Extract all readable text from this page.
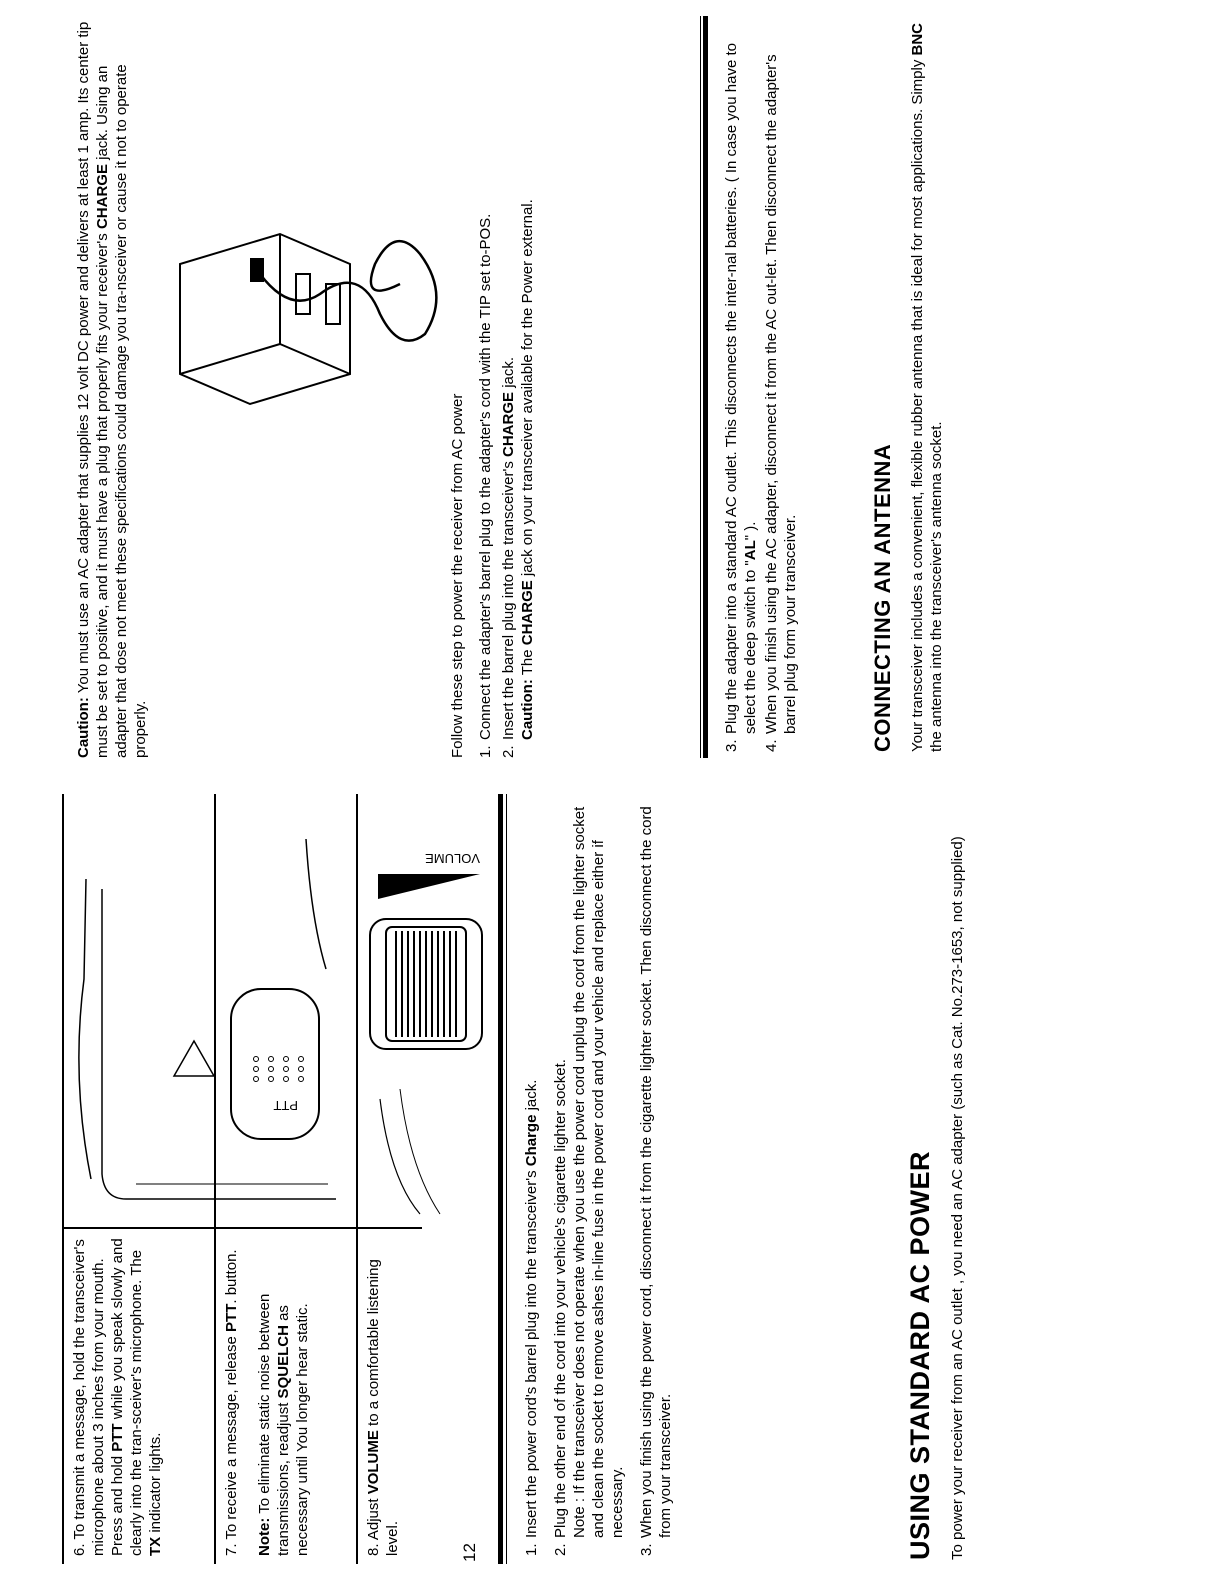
6. To transmit a message, hold the transceiver's microphone about 3 inches from your mouth. Press and hold PTT while you speak slowly and clearly into the tran-sceiver's microphone. The TX indicator lights.
7. To receive a message, release PTT. button.
Note: To eliminate static noise between transmissions, readjust SQUELCH as necessary until You longer hear static.
PTT
8. Adjust VOLUME to a comfortable listening level.
VOLUME
12	1.
Insert the power cord's barrel plug into the transceiver's Charge jack.
2.
Plug the other end of the cord into your vehicle's cigarette lighter socket. Note : If the transceiver does not operate when you use the power cord unplug the cord from the lighter socket and clean the socket to remove ashes in-line fuse in the power cord and your vehicle and replace either if necessary.
3.
When you finish using the power cord, disconnect it from the cigarette lighter socket. Then disconnect the cord from your transceiver.	USING STANDARD AC POWER To power your receiver from an AC outlet , you need an AC adapter (such as Cat. No.273-1653, not supplied)
Caution: You must use an AC adapter that supplies 12 volt DC power and delivers at least 1 amp. Its center tip must be set to positive, and it must have a plug that properly fits your receiver's CHARGE jack. Using an adapter that dose not meet these specifications could damage you tra-nsceiver or cause it not to operate properly.	Follow these step to power the receiver from AC power 1.
Connect the adapter's barrel plug to the adapter's cord with the TIP set to-POS.
2.
Insert the barrel plug into the transceiver's CHARGE jack.
Caution: The CHARGE jack on your transceiver available for the Power external.
3.
Plug the adapter into a standard AC outlet. This disconnects the inter-nal batteries. ( In case you have to select the deep switch to "AL" ).
4.
When you finish using the AC adapter, disconnect it from the AC out-let. Then disconnect the adapter's barrel plug form your transceiver.	CONNECTING AN ANTENNA Your transceiver includes a convenient, flexible rubber antenna that is ideal for most applications. Simply BNC the antenna into the transceiver's antenna socket.
